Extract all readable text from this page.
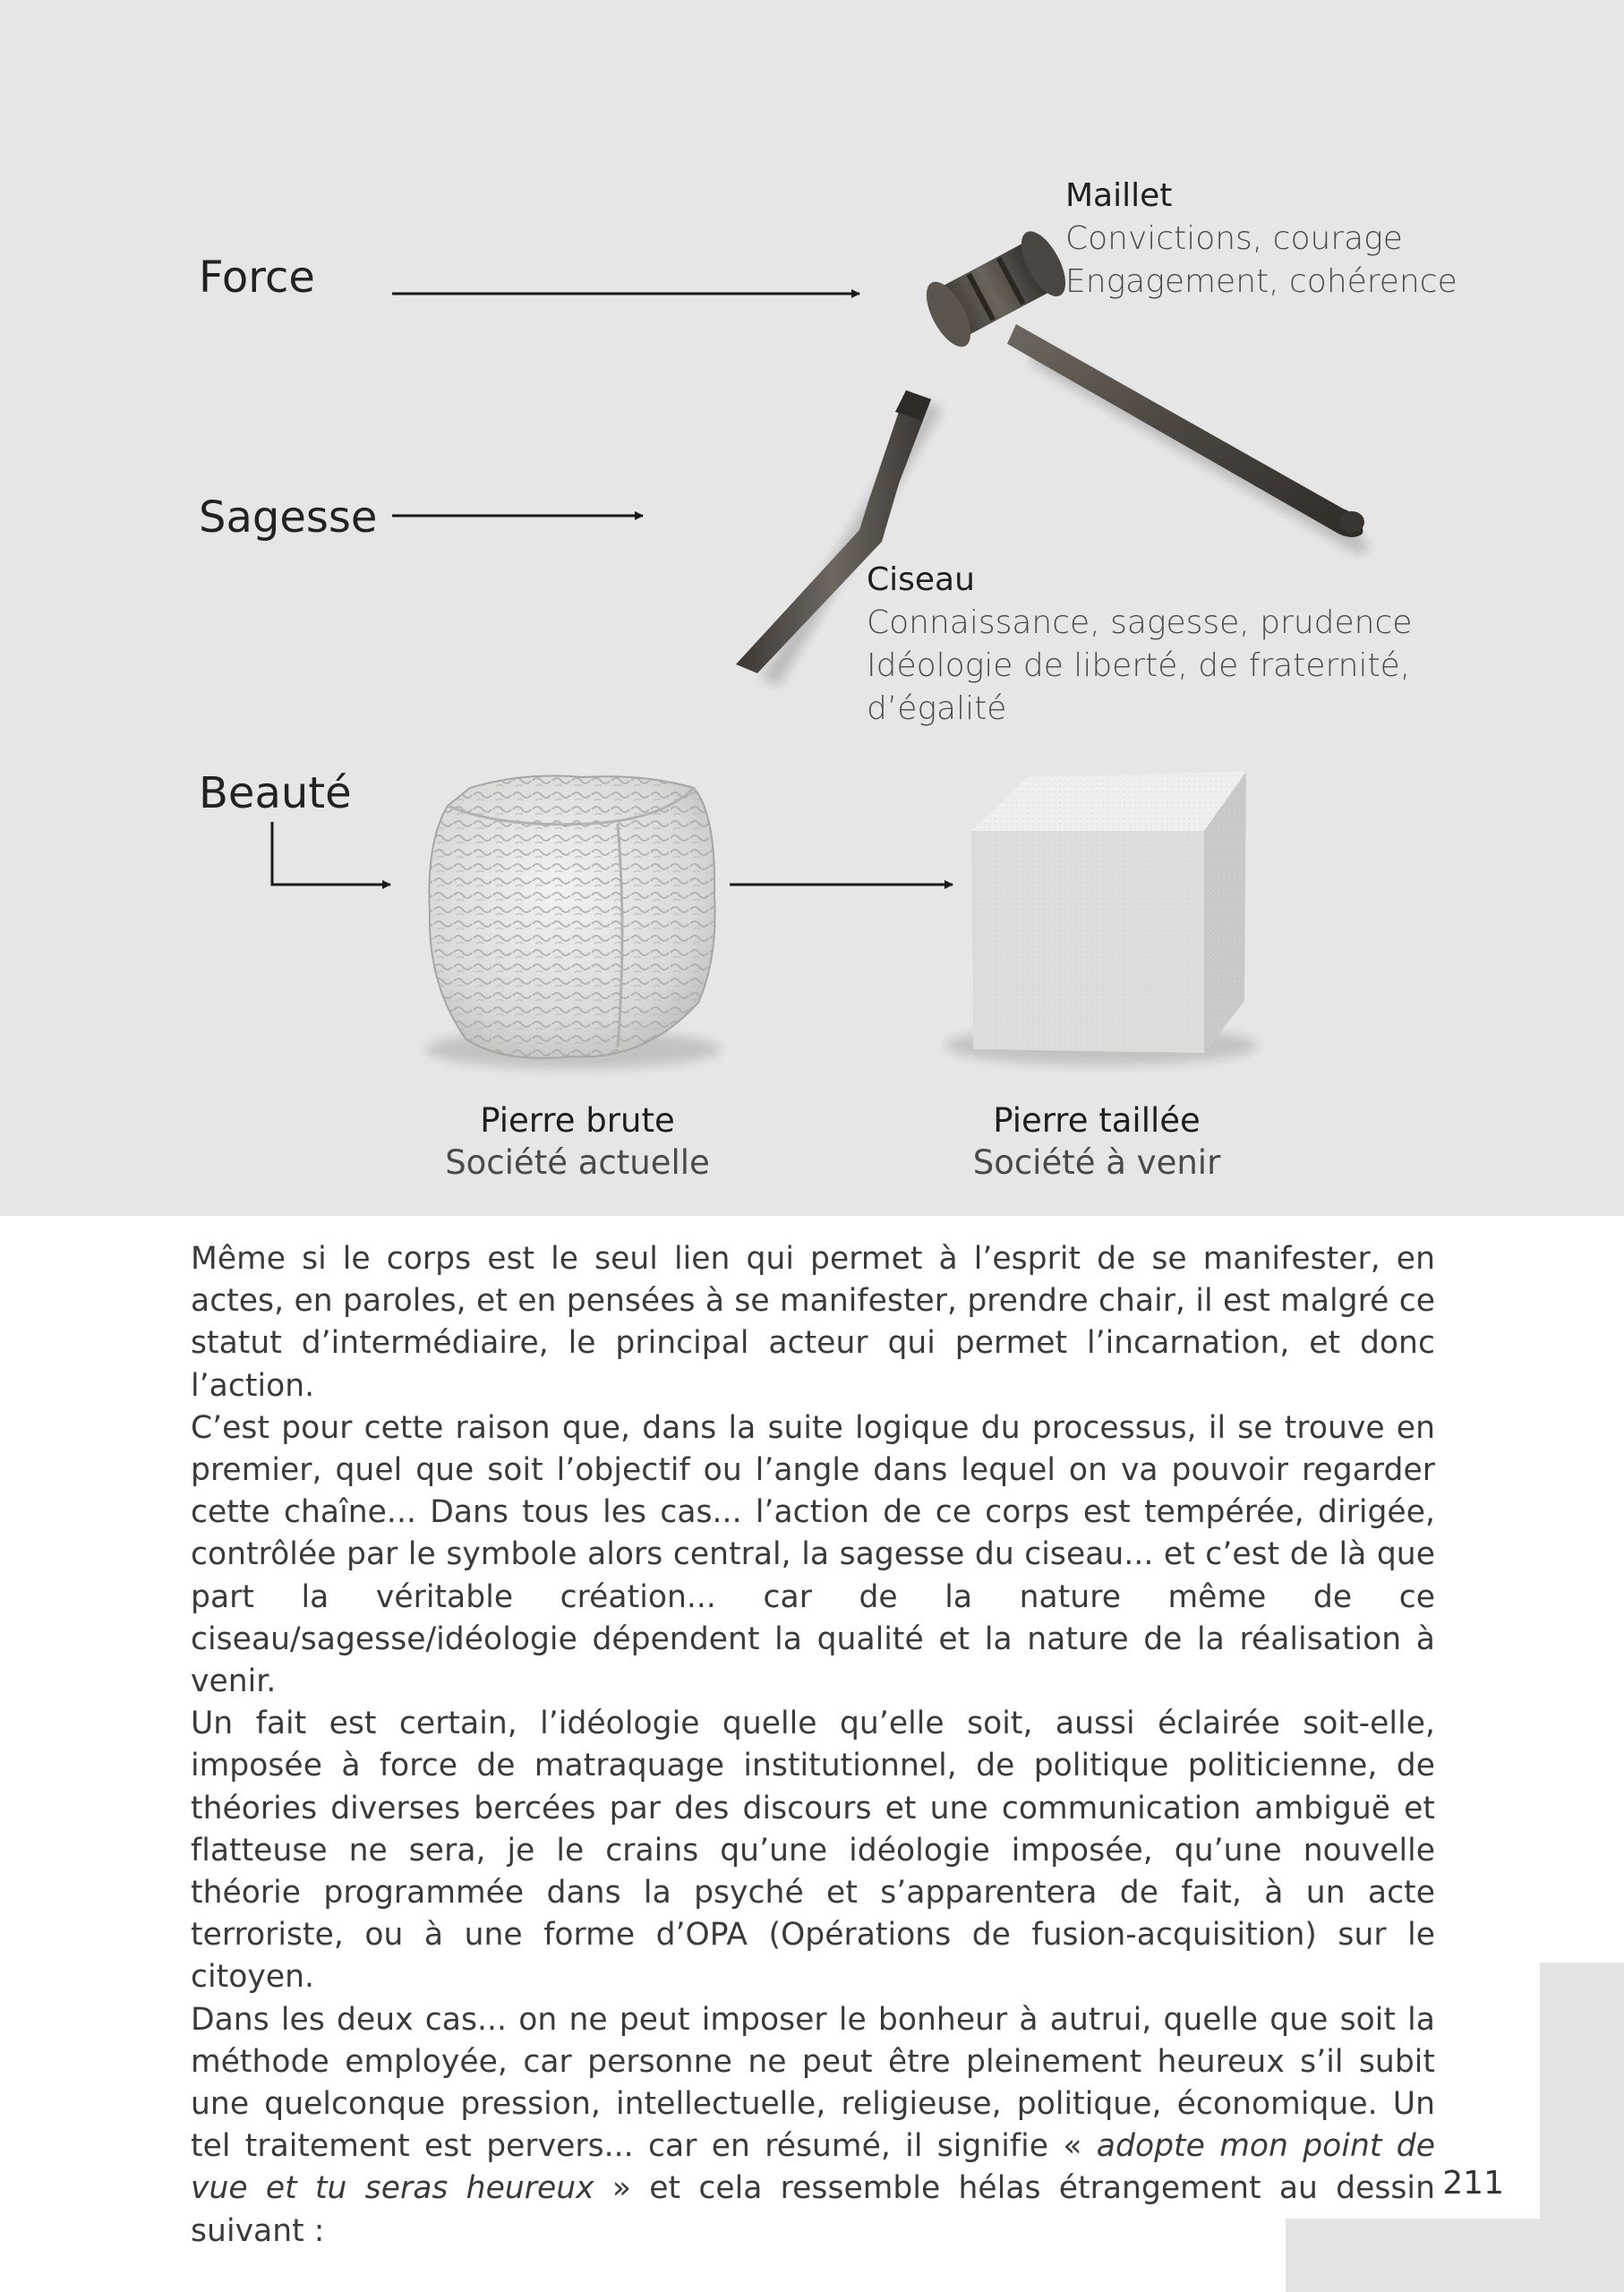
Force
Sagesse
Beauté
Maillet
Convictions, courage
Engagement, cohérence
Ciseau
Connaissance, sagesse, prudence
Idéologie de liberté, de fraternité,
d’égalité
Pierre brute
Société actuelle
Pierre taillée
Société à venir

Même si le corps est le seul lien qui permet à l’esprit de se manifester, en actes, en paroles, et en pensées à se manifester, prendre chair, il est malgré ce statut d’intermédiaire, le principal acteur qui permet l’incarnation, et donc l’action.

C’est pour cette raison que, dans la suite logique du processus, il se trouve en premier, quel que soit l’objectif ou l’angle dans lequel on va pouvoir regarder cette chaîne... Dans tous les cas... l’action de ce corps est tempérée, dirigée, contrôlée par le symbole alors central, la sagesse du ciseau... et c’est de là que part la véritable création... car de la nature même de ce ciseau/sagesse/idéologie dépendent la qualité et la nature de la réalisation à venir.

Un fait est certain, l’idéologie quelle qu’elle soit, aussi éclairée soit-elle, imposée à force de matraquage institutionnel, de politique politicienne, de théories diverses bercées par des discours et une communication ambiguë et flatteuse ne sera, je le crains qu’une idéologie imposée, qu’une nouvelle théorie programmée dans la psyché et s’apparentera de fait, à un acte terroriste, ou à une forme d’OPA (Opérations de fusion-acquisition) sur le citoyen.

Dans les deux cas... on ne peut imposer le bonheur à autrui, quelle que soit la méthode employée, car personne ne peut être pleinement heureux s’il subit une quelconque pression, intellectuelle, religieuse, politique, économique. Un tel traitement est pervers... car en résumé, il signifie « adopte mon point de vue et tu seras heureux » et cela ressemble hélas étrangement au dessin suivant :

211
